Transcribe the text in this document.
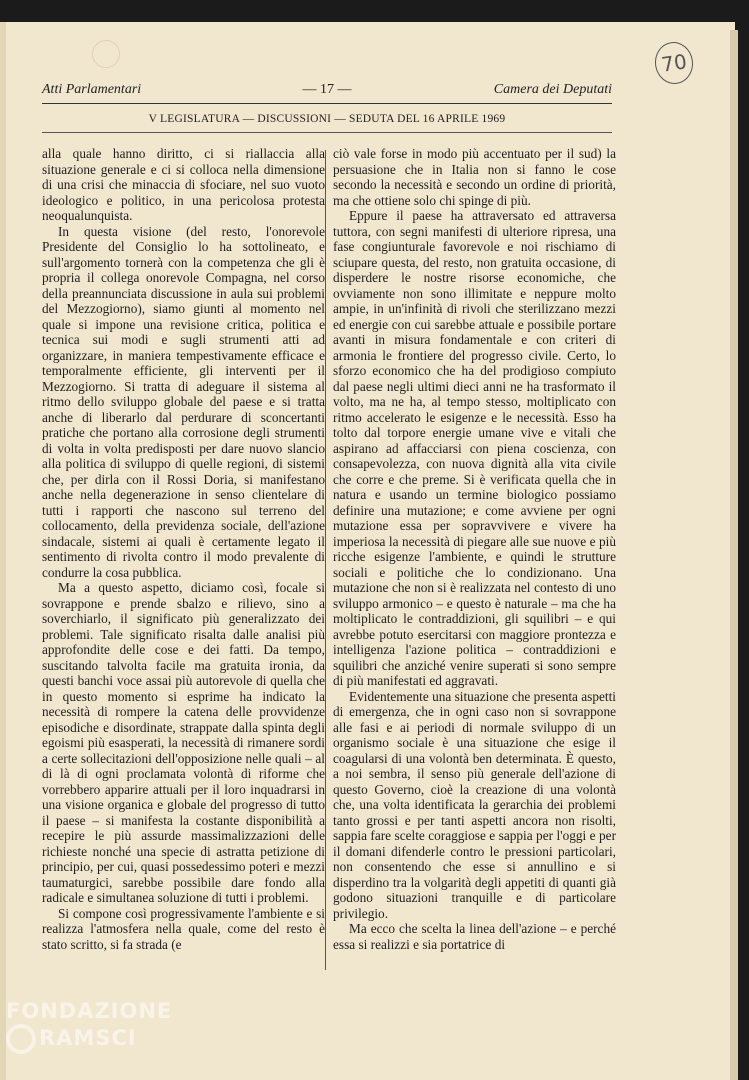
70
Atti Parlamentari	— 17 —	Camera dei Deputati
V LEGISLATURA — DISCUSSIONI — SEDUTA DEL 16 APRILE 1969

alla quale hanno diritto, ci si riallaccia alla situazione generale e ci si colloca nella dimensione di una crisi che minaccia di sfociare, nel suo vuoto ideologico e politico, in una pericolosa protesta neoqualunquista.

In questa visione (del resto, l'onorevole Presidente del Consiglio lo ha sottolineato, e sull'argomento tornerà con la competenza che gli è propria il collega onorevole Compagna, nel corso della preannunciata discussione in aula sui problemi del Mezzogiorno), siamo giunti al momento nel quale si impone una revisione critica, politica e tecnica sui modi e sugli strumenti atti ad organizzare, in maniera tempestivamente efficace e temporalmente efficiente, gli interventi per il Mezzogiorno. Si tratta di adeguare il sistema al ritmo dello sviluppo globale del paese e si tratta anche di liberarlo dal perdurare di sconcertanti pratiche che portano alla corrosione degli strumenti di volta in volta predisposti per dare nuovo slancio alla politica di sviluppo di quelle regioni, di sistemi che, per dirla con il Rossi Doria, si manifestano anche nella degenerazione in senso clientelare di tutti i rapporti che nascono sul terreno del collocamento, della previdenza sociale, dell'azione sindacale, sistemi ai quali è certamente legato il sentimento di rivolta contro il modo prevalente di condurre la cosa pubblica.

Ma a questo aspetto, diciamo così, focale si sovrappone e prende sbalzo e rilievo, sino a soverchiarlo, il significato più generalizzato dei problemi. Tale significato risalta dalle analisi più approfondite delle cose e dei fatti. Da tempo, suscitando talvolta facile ma gratuita ironia, da questi banchi voce assai più autorevole di quella che in questo momento si esprime ha indicato la necessità di rompere la catena delle provvidenze episodiche e disordinate, strappate dalla spinta degli egoismi più esasperati, la necessità di rimanere sordi a certe sollecitazioni dell'opposizione nelle quali – al di là di ogni proclamata volontà di riforme che vorrebbero apparire attuali per il loro inquadrarsi in una visione organica e globale del progresso di tutto il paese – si manifesta la costante disponibilità a recepire le più assurde massimalizzazioni delle richieste nonché una specie di astratta petizione di principio, per cui, quasi possedessimo poteri e mezzi taumaturgici, sarebbe possibile dare fondo alla radicale e simultanea soluzione di tutti i problemi.

Si compone così progressivamente l'ambiente e si realizza l'atmosfera nella quale, come del resto è stato scritto, si fa strada (e

ciò vale forse in modo più accentuato per il sud) la persuasione che in Italia non si fanno le cose secondo la necessità e secondo un ordine di priorità, ma che ottiene solo chi spinge di più.

Eppure il paese ha attraversato ed attraversa tuttora, con segni manifesti di ulteriore ripresa, una fase congiunturale favorevole e noi rischiamo di sciupare questa, del resto, non gratuita occasione, di disperdere le nostre risorse economiche, che ovviamente non sono illimitate e neppure molto ampie, in un'infinità di rivoli che sterilizzano mezzi ed energie con cui sarebbe attuale e possibile portare avanti in misura fondamentale e con criteri di armonia le frontiere del progresso civile. Certo, lo sforzo economico che ha del prodigioso compiuto dal paese negli ultimi dieci anni ne ha trasformato il volto, ma ne ha, al tempo stesso, moltiplicato con ritmo accelerato le esigenze e le necessità. Esso ha tolto dal torpore energie umane vive e vitali che aspirano ad affacciarsi con piena coscienza, con consapevolezza, con nuova dignità alla vita civile che corre e che preme. Si è verificata quella che in natura e usando un termine biologico possiamo definire una mutazione; e come avviene per ogni mutazione essa per sopravvivere e vivere ha imperiosa la necessità di piegare alle sue nuove e più ricche esigenze l'ambiente, e quindi le strutture sociali e politiche che lo condizionano. Una mutazione che non si è realizzata nel contesto di uno sviluppo armonico – e questo è naturale – ma che ha moltiplicato le contraddizioni, gli squilibri – e qui avrebbe potuto esercitarsi con maggiore prontezza e intelligenza l'azione politica – contraddizioni e squilibri che anziché venire superati si sono sempre di più manifestati ed aggravati.

Evidentemente una situazione che presenta aspetti di emergenza, che in ogni caso non si sovrappone alle fasi e ai periodi di normale sviluppo di un organismo sociale è una situazione che esige il coagularsi di una volontà ben determinata. È questo, a noi sembra, il senso più generale dell'azione di questo Governo, cioè la creazione di una volontà che, una volta identificata la gerarchia dei problemi tanto grossi e per tanti aspetti ancora non risolti, sappia fare scelte coraggiose e sappia per l'oggi e per il domani difenderle contro le pressioni particolari, non consentendo che esse si annullino e si disperdino tra la volgarità degli appetiti di quanti già godono situazioni tranquille e di particolare privilegio.

Ma ecco che scelta la linea dell'azione – e perché essa si realizzi e sia portatrice di

FONDAZIONE
RAMSCI
